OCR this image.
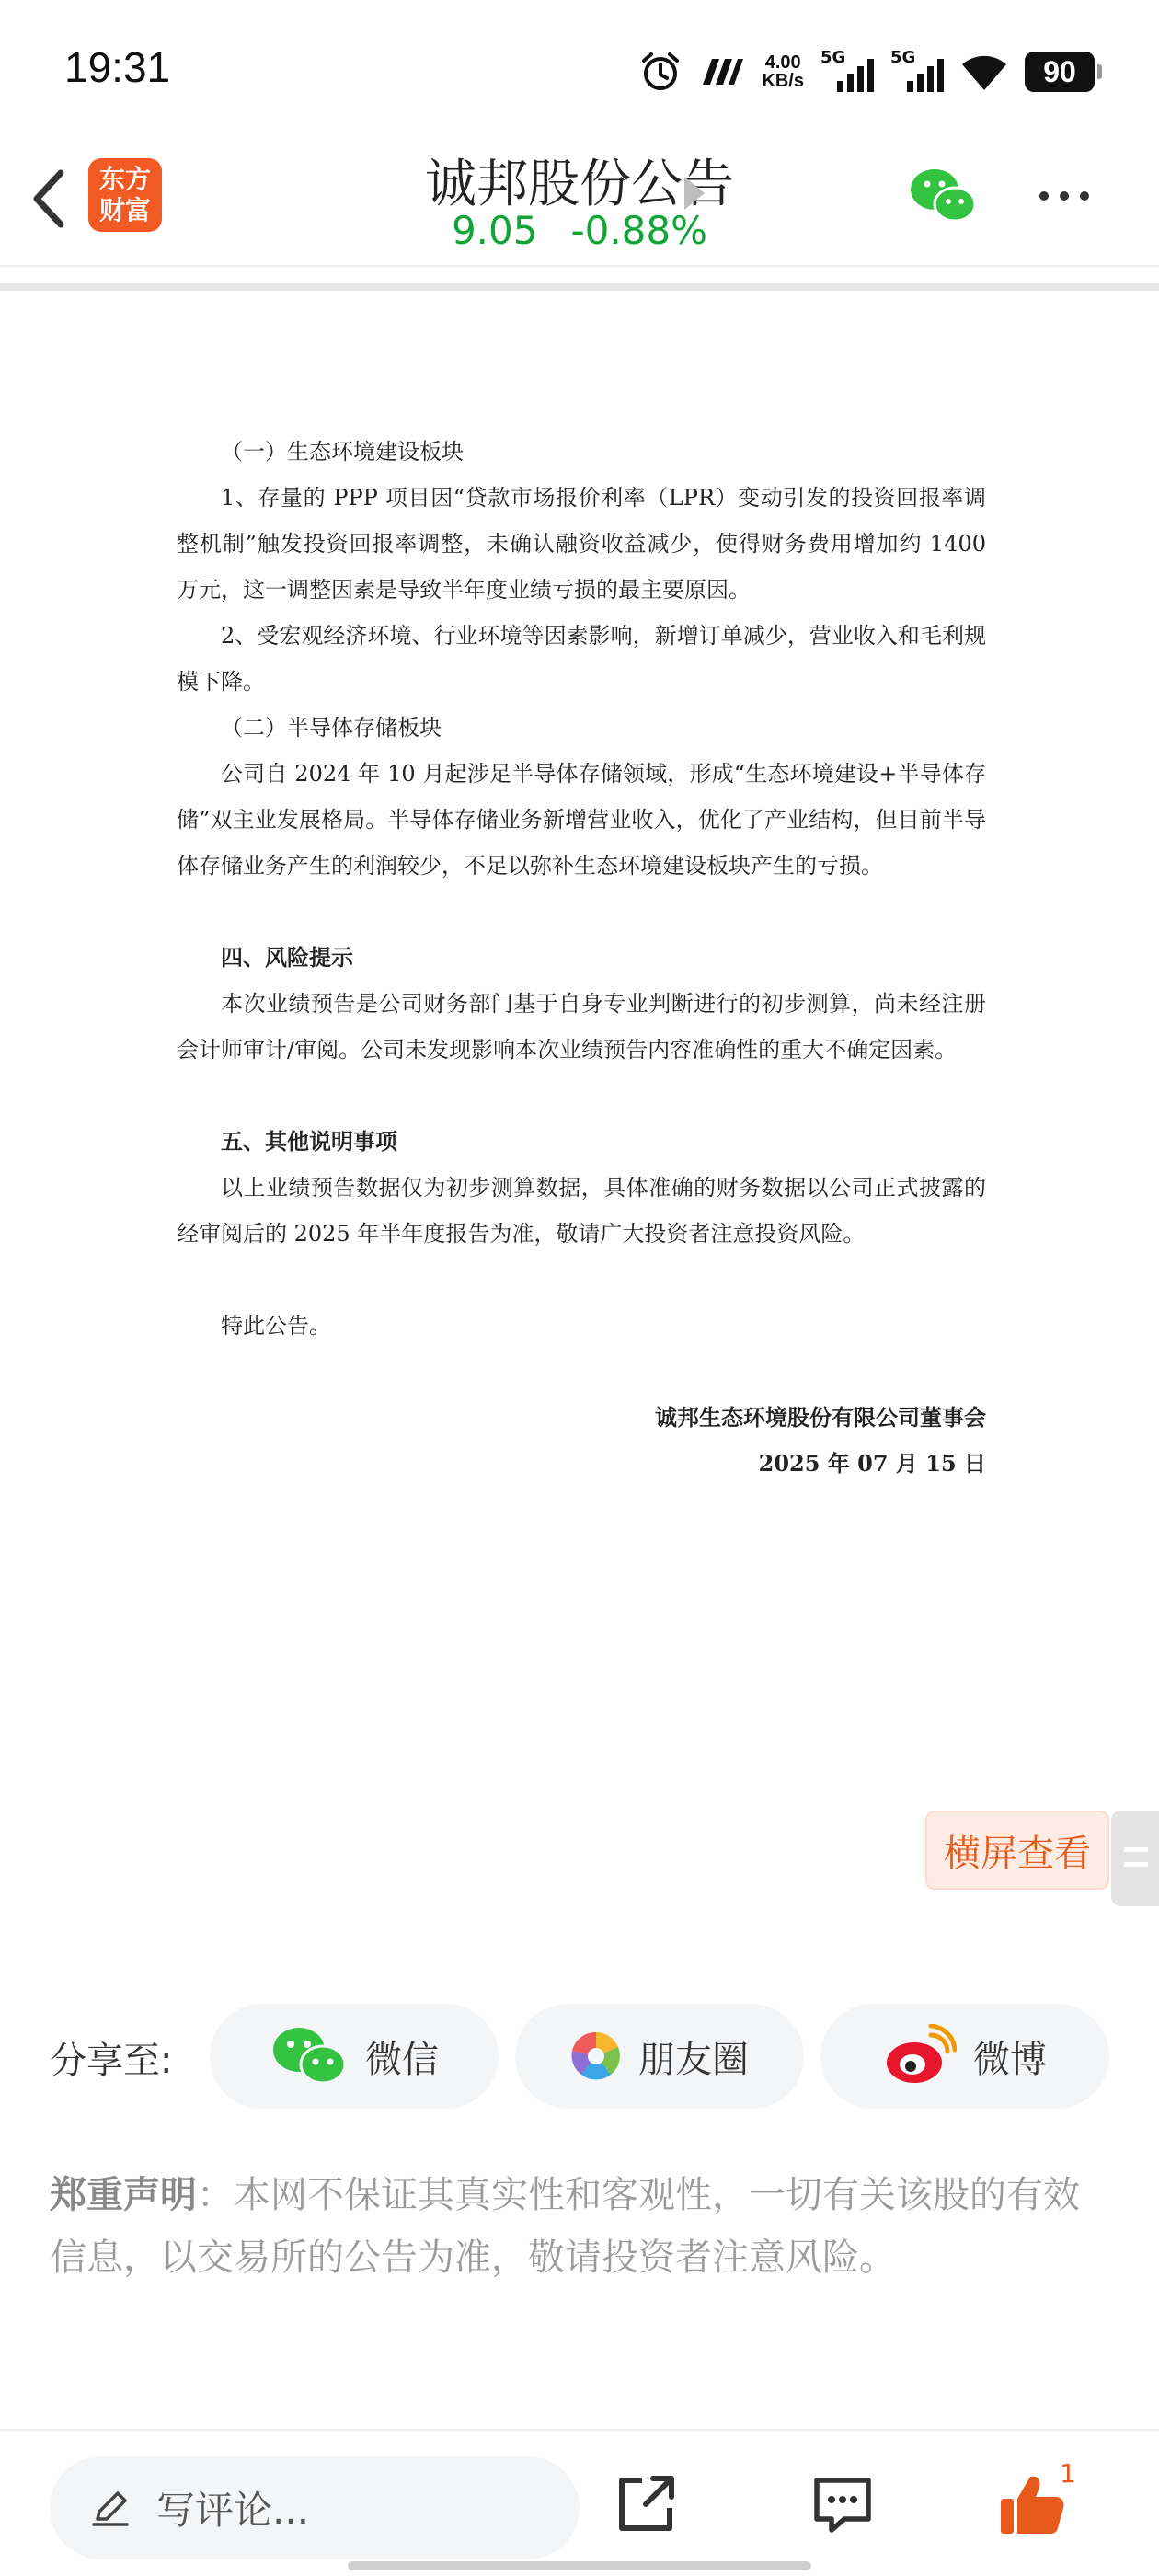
19:31	4.00
KB/s
5G	5G	90
东方
财富	诚邦股份公告
9.05 -0.88%

（一）生态环境建设板块

1、存量的 PPP 项目因“贷款市场报价利率（LPR）变动引发的投资回报率调整机制”触发投资回报率调整，未确认融资收益减少，使得财务费用增加约 1400 万元，这一调整因素是导致半年度业绩亏损的最主要原因。

2、受宏观经济环境、行业环境等因素影响，新增订单减少，营业收入和毛利规模下降。

（二）半导体存储板块

公司自 2024 年 10 月起涉足半导体存储领域，形成“生态环境建设+半导体存储”双主业发展格局。半导体存储业务新增营业收入，优化了产业结构，但目前半导体存储业务产生的利润较少，不足以弥补生态环境建设板块产生的亏损。

四、风险提示

本次业绩预告是公司财务部门基于自身专业判断进行的初步测算，尚未经注册会计师审计/审阅。公司未发现影响本次业绩预告内容准确性的重大不确定因素。

五、其他说明事项

以上业绩预告数据仅为初步测算数据，具体准确的财务数据以公司正式披露的经审阅后的 2025 年半年度报告为准，敬请广大投资者注意投资风险。

特此公告。

诚邦生态环境股份有限公司董事会

2025 年 07 月 15 日

横屏查看
分享至:	微信	朋友圈	微博
郑重声明：本网不保证其真实性和客观性，一切有关该股的有效信息，以交易所的公告为准，敬请投资者注意风险。
写评论...
1
